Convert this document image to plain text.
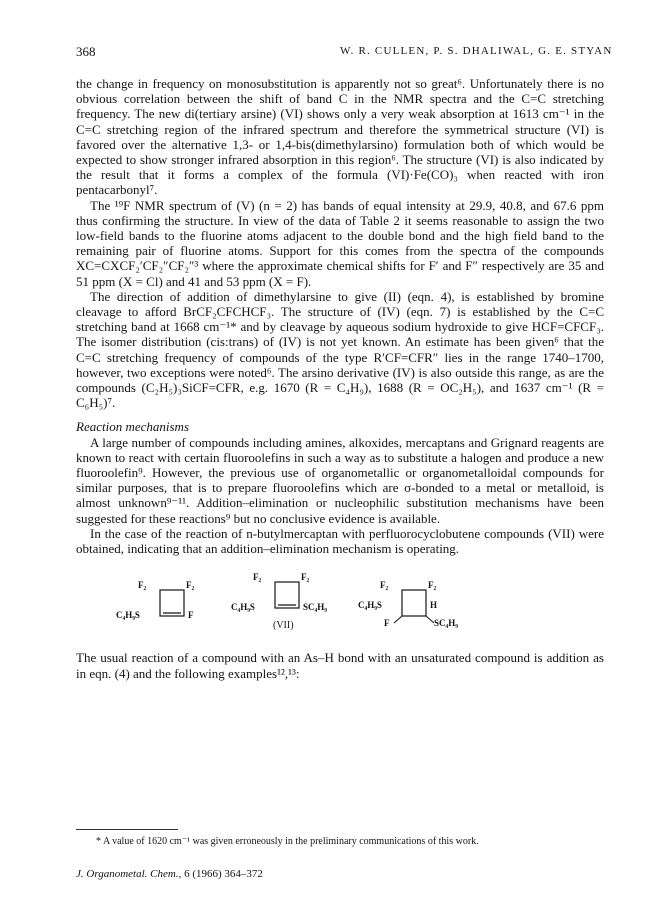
368	W. R. CULLEN, P. S. DHALIWAL, G. E. STYAN

the change in frequency on monosubstitution is apparently not so great⁶. Unfortunately there is no obvious correlation between the shift of band C in the NMR spectra and the C=C stretching frequency. The new di(tertiary arsine) (VI) shows only a very weak absorption at 1613 cm⁻¹ in the C=C stretching region of the infrared spectrum and therefore the symmetrical structure (VI) is favored over the alternative 1,3- or 1,4-bis(dimethylarsino) formulation both of which would be expected to show stronger infrared absorption in this region⁶. The structure (VI) is also indicated by the result that it forms a complex of the formula (VI)·Fe(CO)₃ when reacted with iron pentacarbonyl⁷.

The ¹⁹F NMR spectrum of (V) (n = 2) has bands of equal intensity at 29.9, 40.8, and 67.6 ppm thus confirming the structure. In view of the data of Table 2 it seems reasonable to assign the two low-field bands to the fluorine atoms adjacent to the double bond and the high field band to the remaining pair of fluorine atoms. Support for this comes from the spectra of the compounds XC=CXCF₂′CF₂″CF₂″³ where the approximate chemical shifts for F′ and F″ respectively are 35 and 51 ppm (X = Cl) and 41 and 53 ppm (X = F).

The direction of addition of dimethylarsine to give (II) (eqn. 4), is established by bromine cleavage to afford BrCF₂CFCHCF₃. The structure of (IV) (eqn. 7) is established by the C=C stretching band at 1668 cm⁻¹* and by cleavage by aqueous sodium hydroxide to give HCF=CFCF₃. The isomer distribution (cis:trans) of (IV) is not yet known. An estimate has been given⁶ that the C=C stretching frequency of compounds of the type R′CF=CFR″ lies in the range 1740–1700, however, two exceptions were noted⁶. The arsino derivative (IV) is also outside this range, as are the compounds (C₂H₅)₃SiCF=CFR, e.g. 1670 (R = C₄H₉), 1688 (R = OC₂H₅), and 1637 cm⁻¹ (R = C₆H₅)⁷.

Reaction mechanisms

A large number of compounds including amines, alkoxides, mercaptans and Grignard reagents are known to react with certain fluoroolefins in such a way as to substitute a halogen and produce a new fluoroolefin⁹. However, the previous use of organometallic or organometalloidal compounds for similar purposes, that is to prepare fluoroolefins which are σ-bonded to a metal or metalloid, is almost unknown⁹⁻¹¹. Addition–elimination or nucleophilic substitution mechanisms have been suggested for these reactions⁹ but no conclusive evidence is available.

In the case of the reaction of n-butylmercaptan with perfluorocyclobutene compounds (VII) were obtained, indicating that an addition–elimination mechanism is operating.

F₂	F₂
C₄H₉S	F
F₂	F₂
C₄H₉S	SC₄H₉
(VII)
F₂	F₂
C₄H₉S
F
H
SC₄H₉

The usual reaction of a compound with an As–H bond with an unsaturated compound is addition as in eqn. (4) and the following examples¹²,¹³:

* A value of 1620 cm⁻¹ was given erroneously in the preliminary communications of this work.
J. Organometal. Chem., 6 (1966) 364–372
